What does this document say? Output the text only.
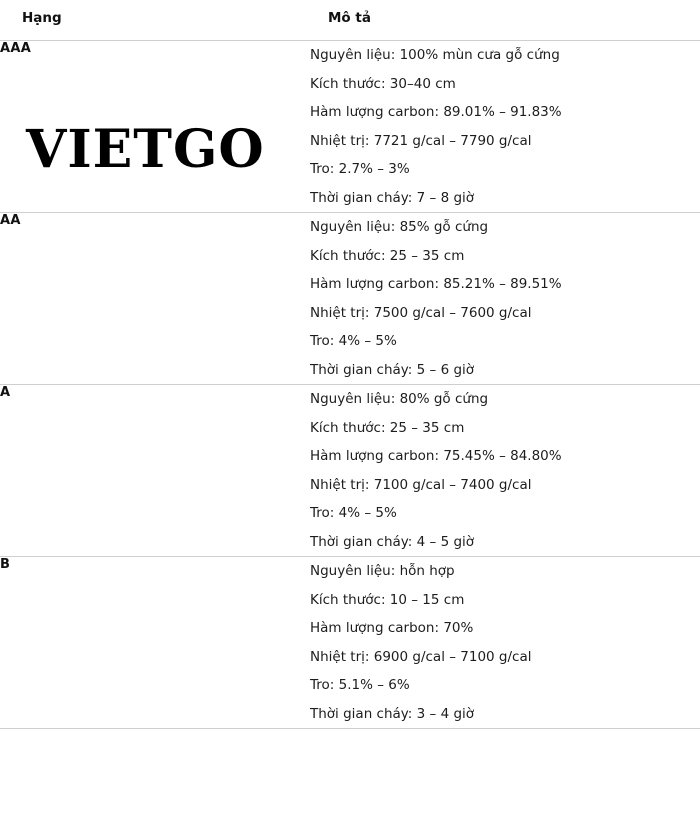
Hạng	Mô tả
AAA	Nguyên liệu: 100% mùn cưa gỗ cứng
Kích thước: 30–40 cm
Hàm lượng carbon: 89.01% – 91.83%
Nhiệt trị: 7721 g/cal – 7790 g/cal
Tro: 2.7% – 3%
Thời gian cháy: 7 – 8 giờ

AA	Nguyên liệu: 85% gỗ cứng
Kích thước: 25 – 35 cm
Hàm lượng carbon: 85.21% – 89.51%
Nhiệt trị: 7500 g/cal – 7600 g/cal
Tro: 4% – 5%
Thời gian cháy: 5 – 6 giờ

A	Nguyên liệu: 80% gỗ cứng
Kích thước: 25 – 35 cm
Hàm lượng carbon: 75.45% – 84.80%
Nhiệt trị: 7100 g/cal – 7400 g/cal
Tro: 4% – 5%
Thời gian cháy: 4 – 5 giờ

B	Nguyên liệu: hỗn hợp
Kích thước: 10 – 15 cm
Hàm lượng carbon: 70%
Nhiệt trị: 6900 g/cal – 7100 g/cal
Tro: 5.1% – 6%
Thời gian cháy: 3 – 4 giờ
VIETGO
